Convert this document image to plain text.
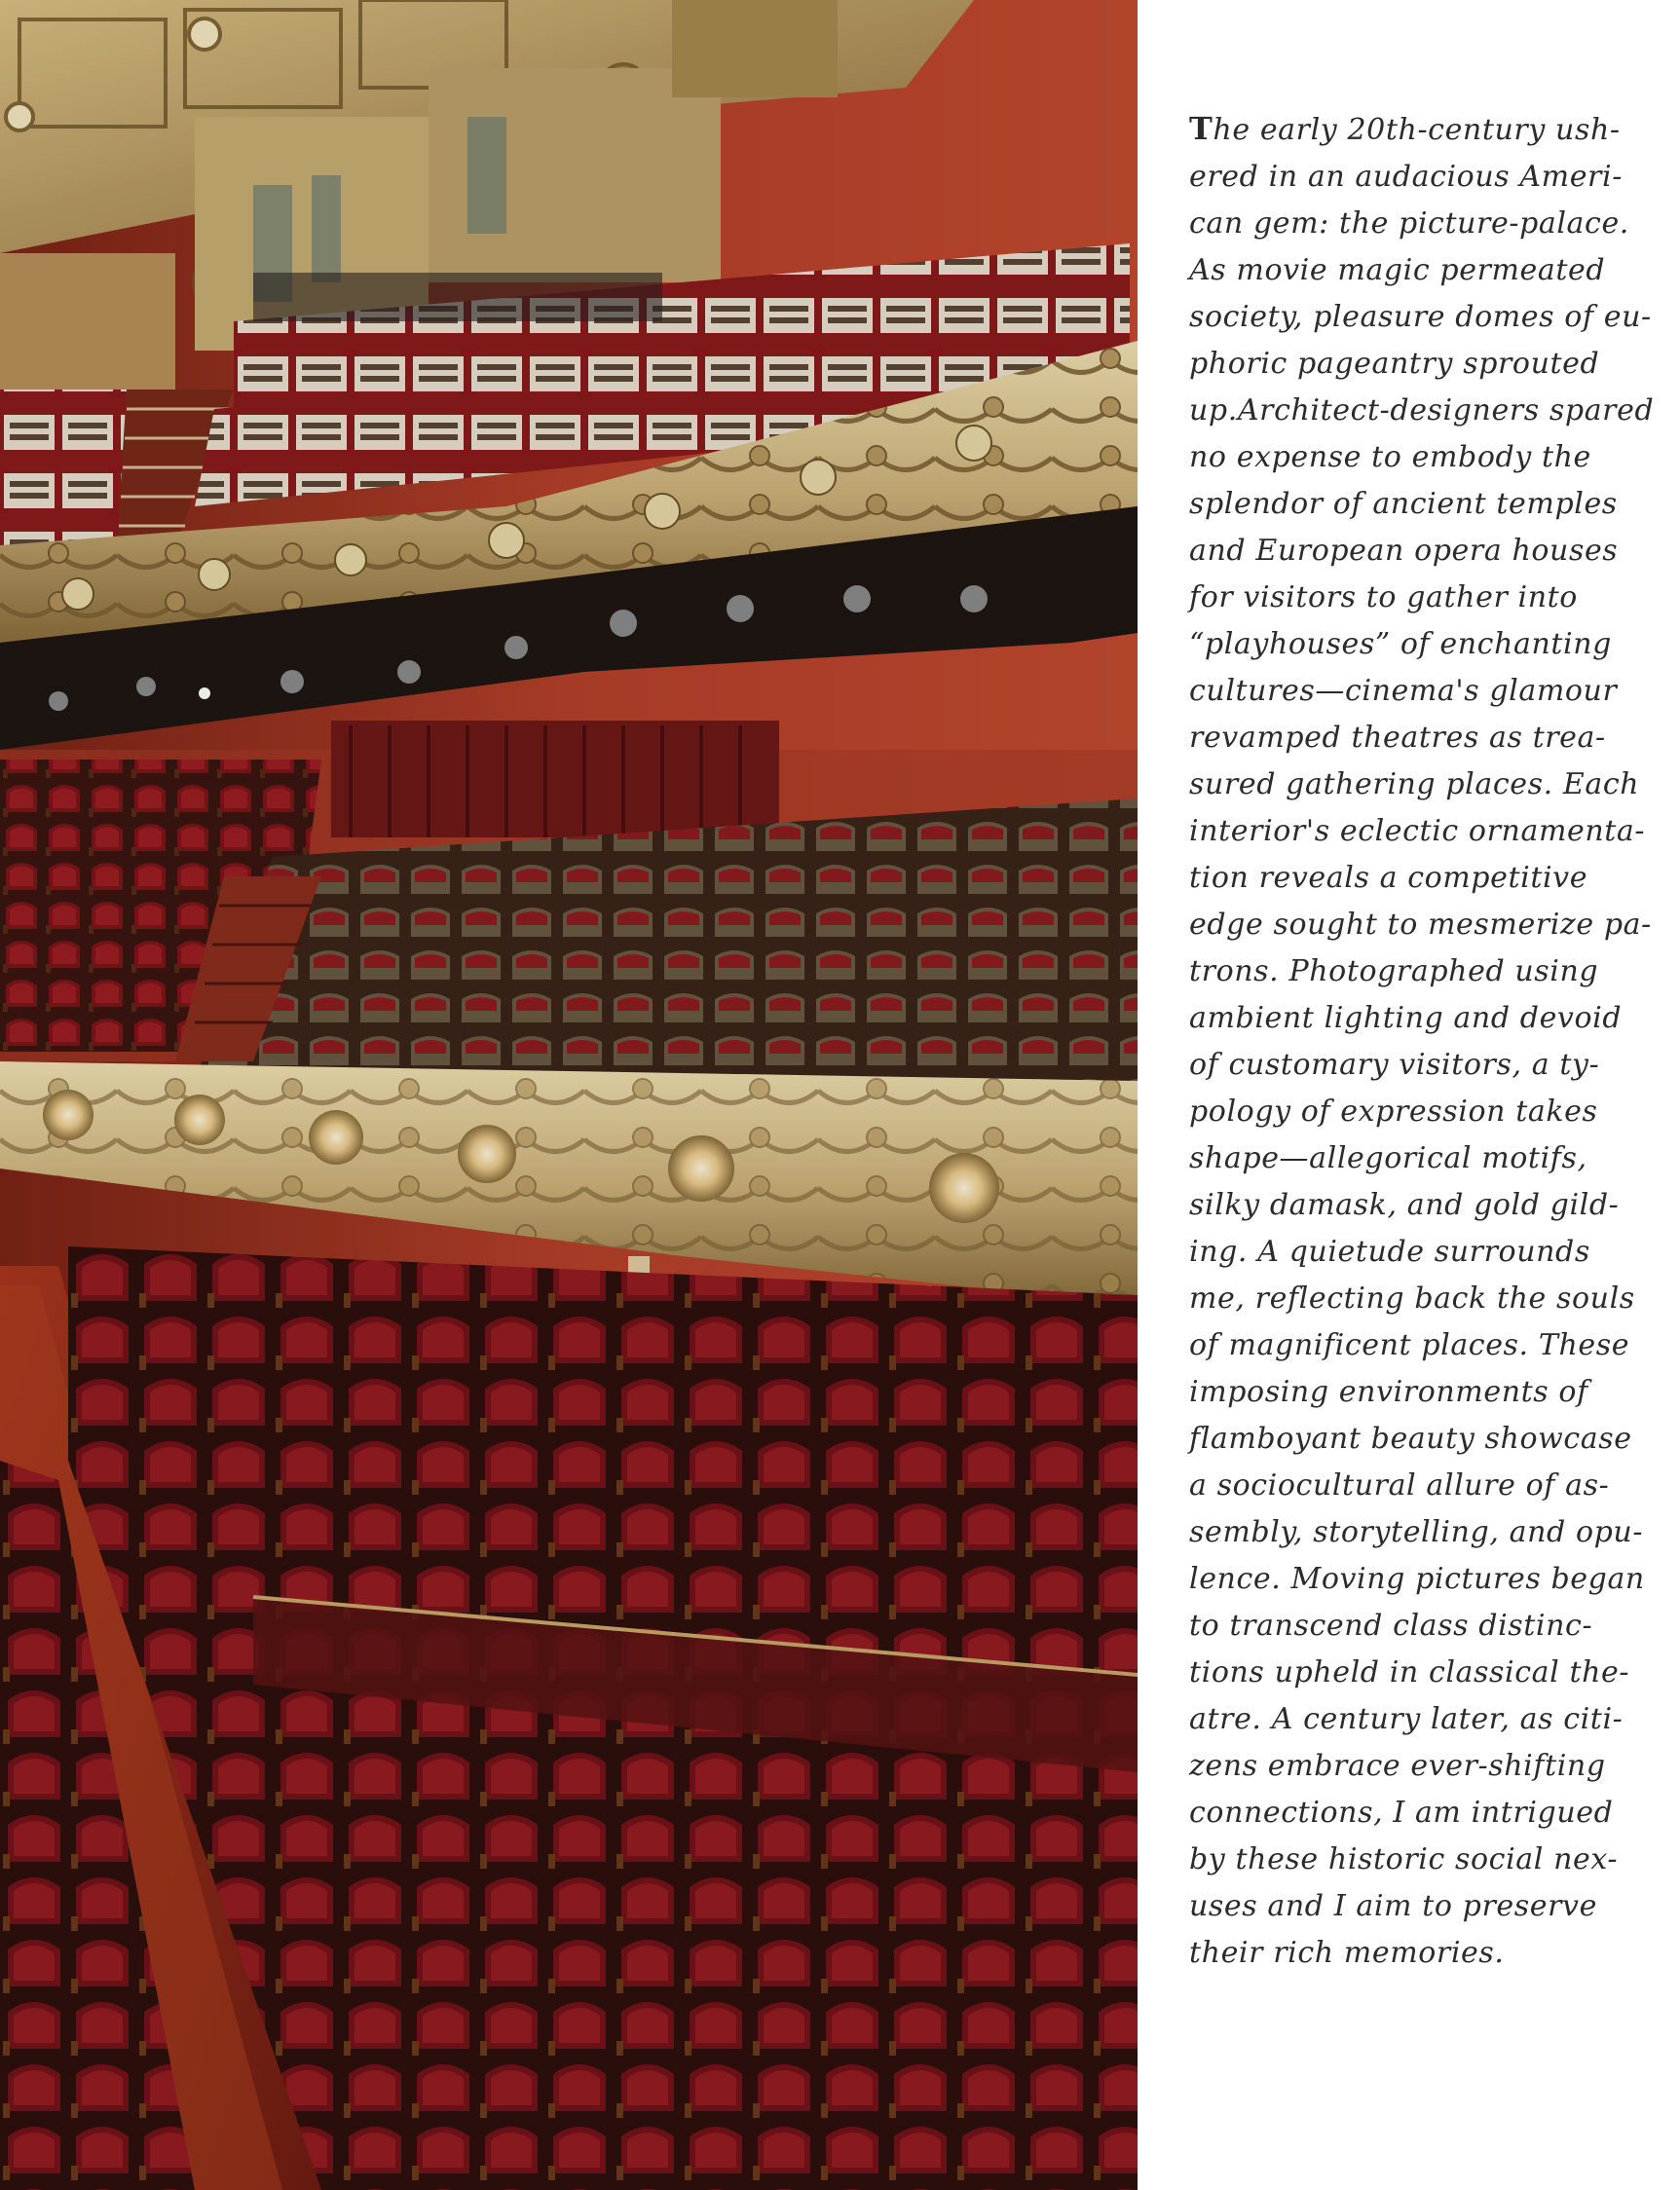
The early 20th-century ush-
ered in an audacious Ameri-
can gem: the picture-palace.
As movie magic permeated
society, pleasure domes of eu-
phoric pageantry sprouted
up.Architect-designers spared
no expense to embody the
splendor of ancient temples
and European opera houses
for visitors to gather into
“playhouses” of enchanting
cultures—cinema's glamour
revamped theatres as trea-
sured gathering places. Each
interior's eclectic ornamenta-
tion reveals a competitive
edge sought to mesmerize pa-
trons. Photographed using
ambient lighting and devoid
of customary visitors, a ty-
pology of expression takes
shape—allegorical motifs,
silky damask, and gold gild-
ing. A quietude surrounds
me, reflecting back the souls
of magnificent places. These
imposing environments of
flamboyant beauty showcase
a sociocultural allure of as-
sembly, storytelling, and opu-
lence. Moving pictures began
to transcend class distinc-
tions upheld in classical the-
atre. A century later, as citi-
zens embrace ever-shifting
connections, I am intrigued
by these historic social nex-
uses and I aim to preserve
their rich memories.
